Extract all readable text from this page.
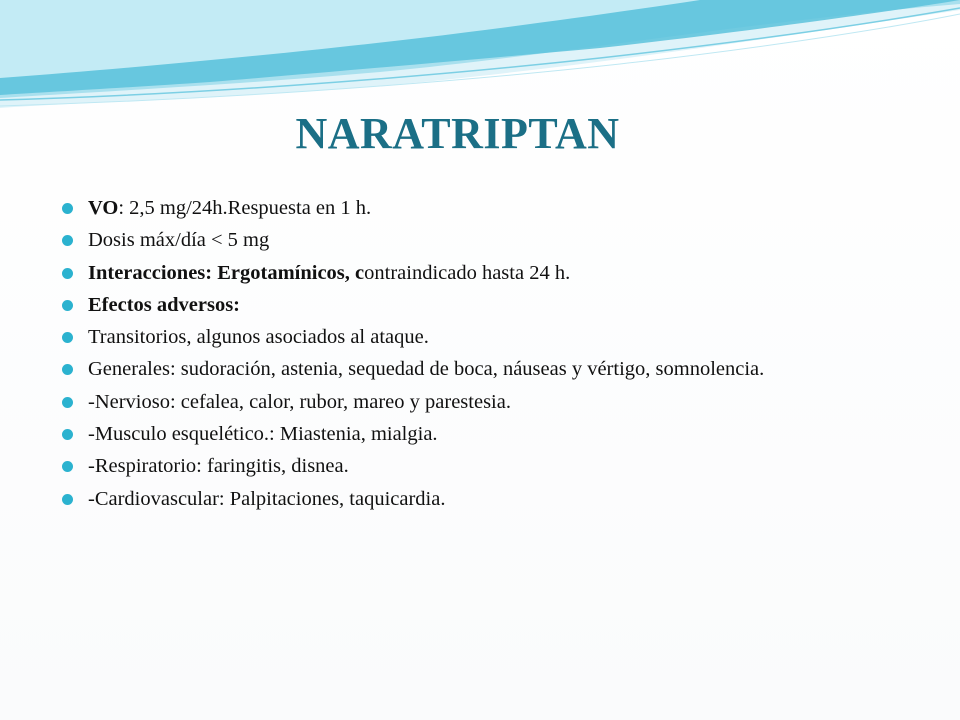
NARATRIPTAN
VO: 2,5 mg/24h.Respuesta en 1 h.
Dosis máx/día < 5 mg
Interacciones: Ergotamínicos, contraindicado hasta 24 h.
Efectos adversos:
Transitorios, algunos asociados al ataque.
Generales: sudoración, astenia, sequedad de boca, náuseas y vértigo, somnolencia.
-Nervioso: cefalea, calor, rubor, mareo y parestesia.
-Musculo esquelético.: Miastenia, mialgia.
-Respiratorio: faringitis, disnea.
-Cardiovascular: Palpitaciones, taquicardia.
